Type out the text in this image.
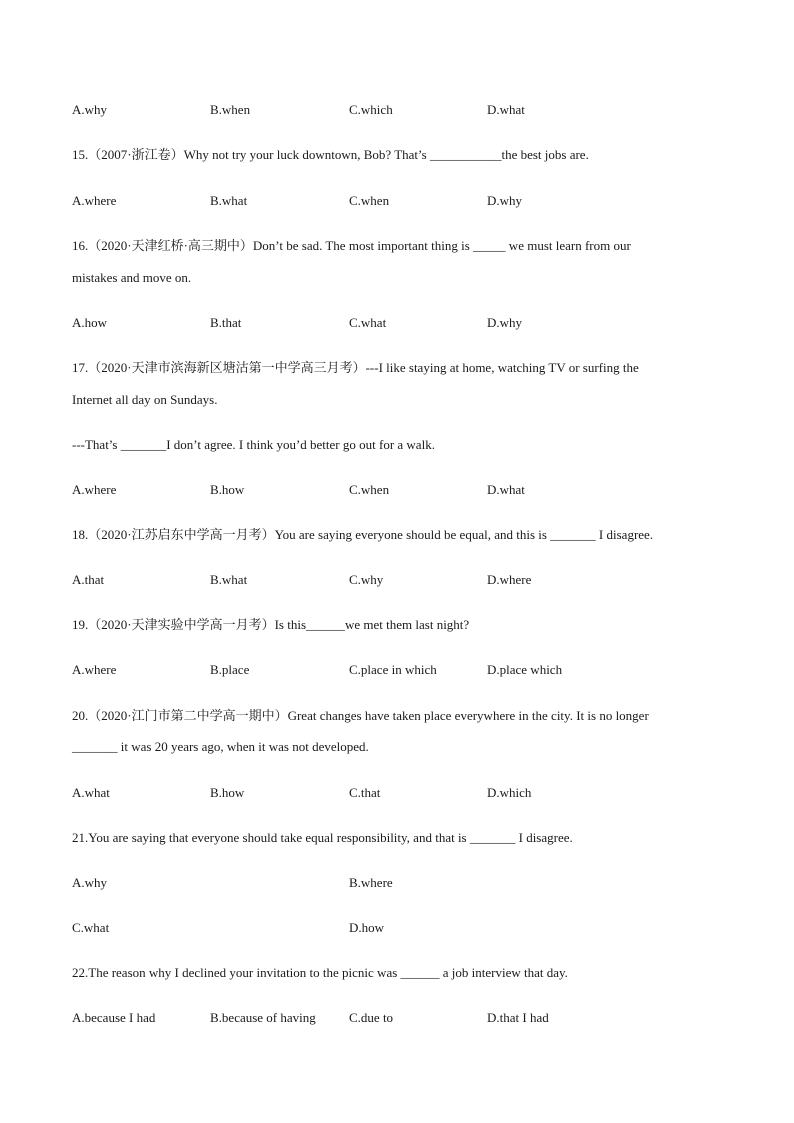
A.why	B.when	C.which	D.what
15.（2007·浙江卷）Why not try your luck downtown, Bob? That’s ___________the best jobs are.
A.where	B.what	C.when	D.why
16.（2020·天津红桥·高三期中）Don’t be sad. The most important thing is _____ we must learn from our
mistakes and move on.
A.how	B.that	C.what	D.why
17.（2020·天津市滨海新区塘沽第一中学高三月考）---I like staying at home, watching TV or surfing the
Internet all day on Sundays.
---That’s _______I don’t agree. I think you’d better go out for a walk.
A.where	B.how	C.when	D.what
18.（2020·江苏启东中学高一月考）You are saying everyone should be equal, and this is _______ I disagree.
A.that	B.what	C.why	D.where
19.（2020·天津实验中学高一月考）Is this______we met them last night?
A.where	B.place	C.place in which	D.place which
20.（2020·江门市第二中学高一期中）Great changes have taken place everywhere in the city. It is no longer
_______ it was 20 years ago, when it was not developed.
A.what	B.how	C.that	D.which
21.You are saying that everyone should take equal responsibility, and that is _______ I disagree.
A.why	B.where
C.what	D.how
22.The reason why I declined your invitation to the picnic was ______ a job interview that day.
A.because I had	B.because of having	C.due to	D.that I had
